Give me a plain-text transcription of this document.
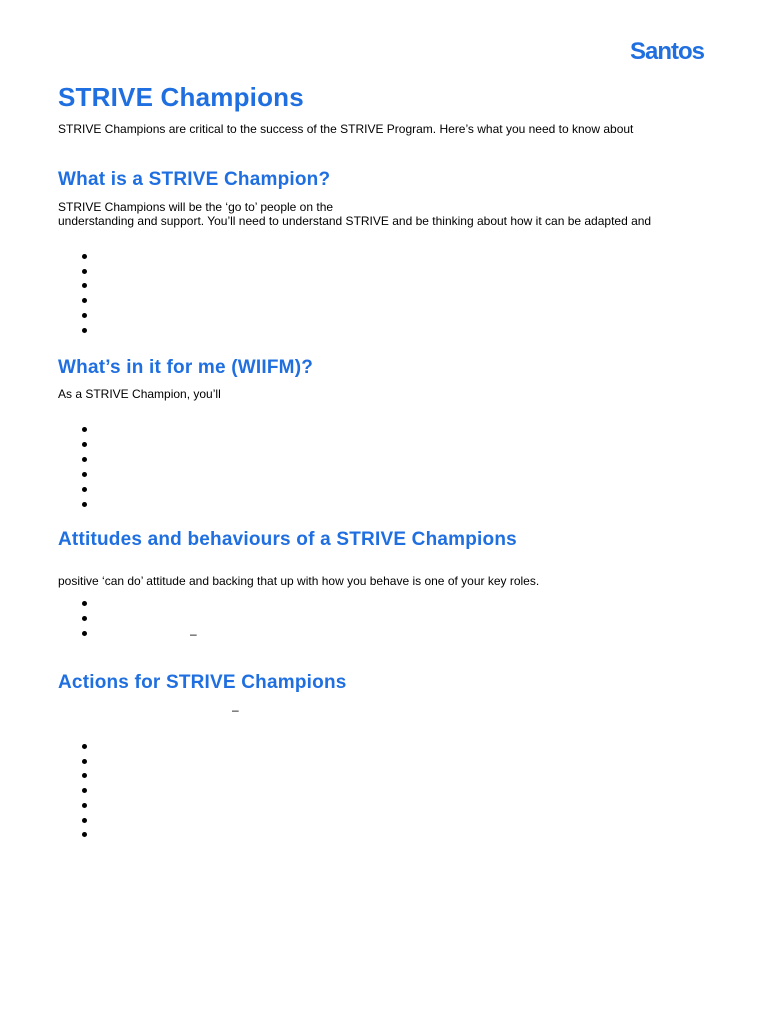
Santos
STRIVE Champions
STRIVE Champions are critical to the success of the STRIVE Program. Here’s what you need to know about
What is a STRIVE Champion?
STRIVE Champions will be the ‘go to’ people on the
understanding and support. You’ll need to understand STRIVE and be thinking about how it can be adapted and
What’s in it for me (WIIFM)?
As a STRIVE Champion, you’ll
Attitudes and behaviours of a STRIVE Champions
positive ‘can do’ attitude and backing that up with how you behave is one of your key roles.
–
Actions for STRIVE Champions
–
